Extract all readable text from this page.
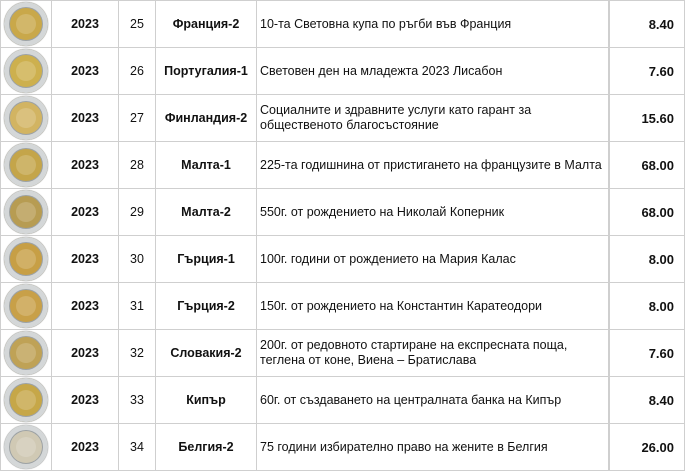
	2023	25	Франция-2	10-та Световна купа по ръгби във Франция		8.40
	2023	26	Португалия-1	Световен ден на младежта 2023 Лисабон		7.60
	2023	27	Финландия-2	Социалните и здравните услуги като гарант за общественото благосъстояние		15.60
	2023	28	Малта-1	225-та годишнина от пристигането на французите в Малта		68.00
	2023	29	Малта-2	550г. от рождението на Николай Коперник		68.00
	2023	30	Гърция-1	100г. години от рождението на Мария Калас		8.00
	2023	31	Гърция-2	150г. от рождението на Константин Каратеодори		8.00
	2023	32	Словакия-2	200г. от редовното стартиране на експресната поща, теглена от коне, Виена – Братислава		7.60
	2023	33	Кипър	60г. от създаването на централната банка на Кипър		8.40
	2023	34	Белгия-2	75 години избирателно право на жените в Белгия		26.00
